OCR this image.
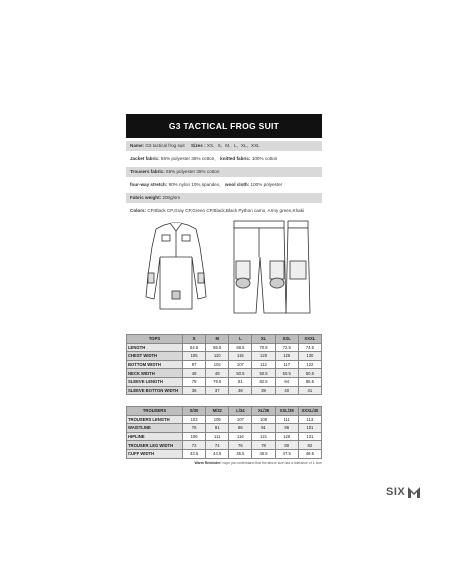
G3 TACTICAL FROG SUIT
Name: G3 tactical frog suit Sizes : XS、S、M、L、XL、XXL
Jacket fabric: 65% polyester 35% cotton， knitted fabric: 100% cotton
Trousers fabric: 65% polyester 35% cotton
four-way stretch: 90% nylon 10% spandex， wool cloth: 100% polyester
Fabric weight: 200g/sm
Colors: CP,Black CP,Gray CP,Green CP,Black,Black Python camo, Army green,Khaki
TOPS	S	M	L	XL	XXL	XXXL
LENGTH	64.5	66.5	68.5	70.5	72.5	74.5
CHEST WIDTH	105	110	115	120	125	130
BOTTOM WIDTH	97	102	107	112	117	122
NECK WIDTH	48	48	50.5	50.5	50.5	50.5
SLEEVE LENGTH	78	79.5	81	82.5	84	85.5
SLEEVE BOTTON WIDTH	36	37	38	39	40	41
TROUSERS	S/30	M/32	L/34	XL/36	XXL/38	XXXL/40
TROUSERS LENGTH	103	105	107	109	111	113
WAISTLINE	76	81	86	91	96	101
HIPLINE	106	111	116	121	126	131
TROUSER LEG WIDTH	72	74	76	78	80	82
CUFF WIDTH	43.5	44.5	45.5	46.5	47.5	48.5
Warm Reminder: hope you understand that the above size has a tolerance of 1-3cm
SIX
